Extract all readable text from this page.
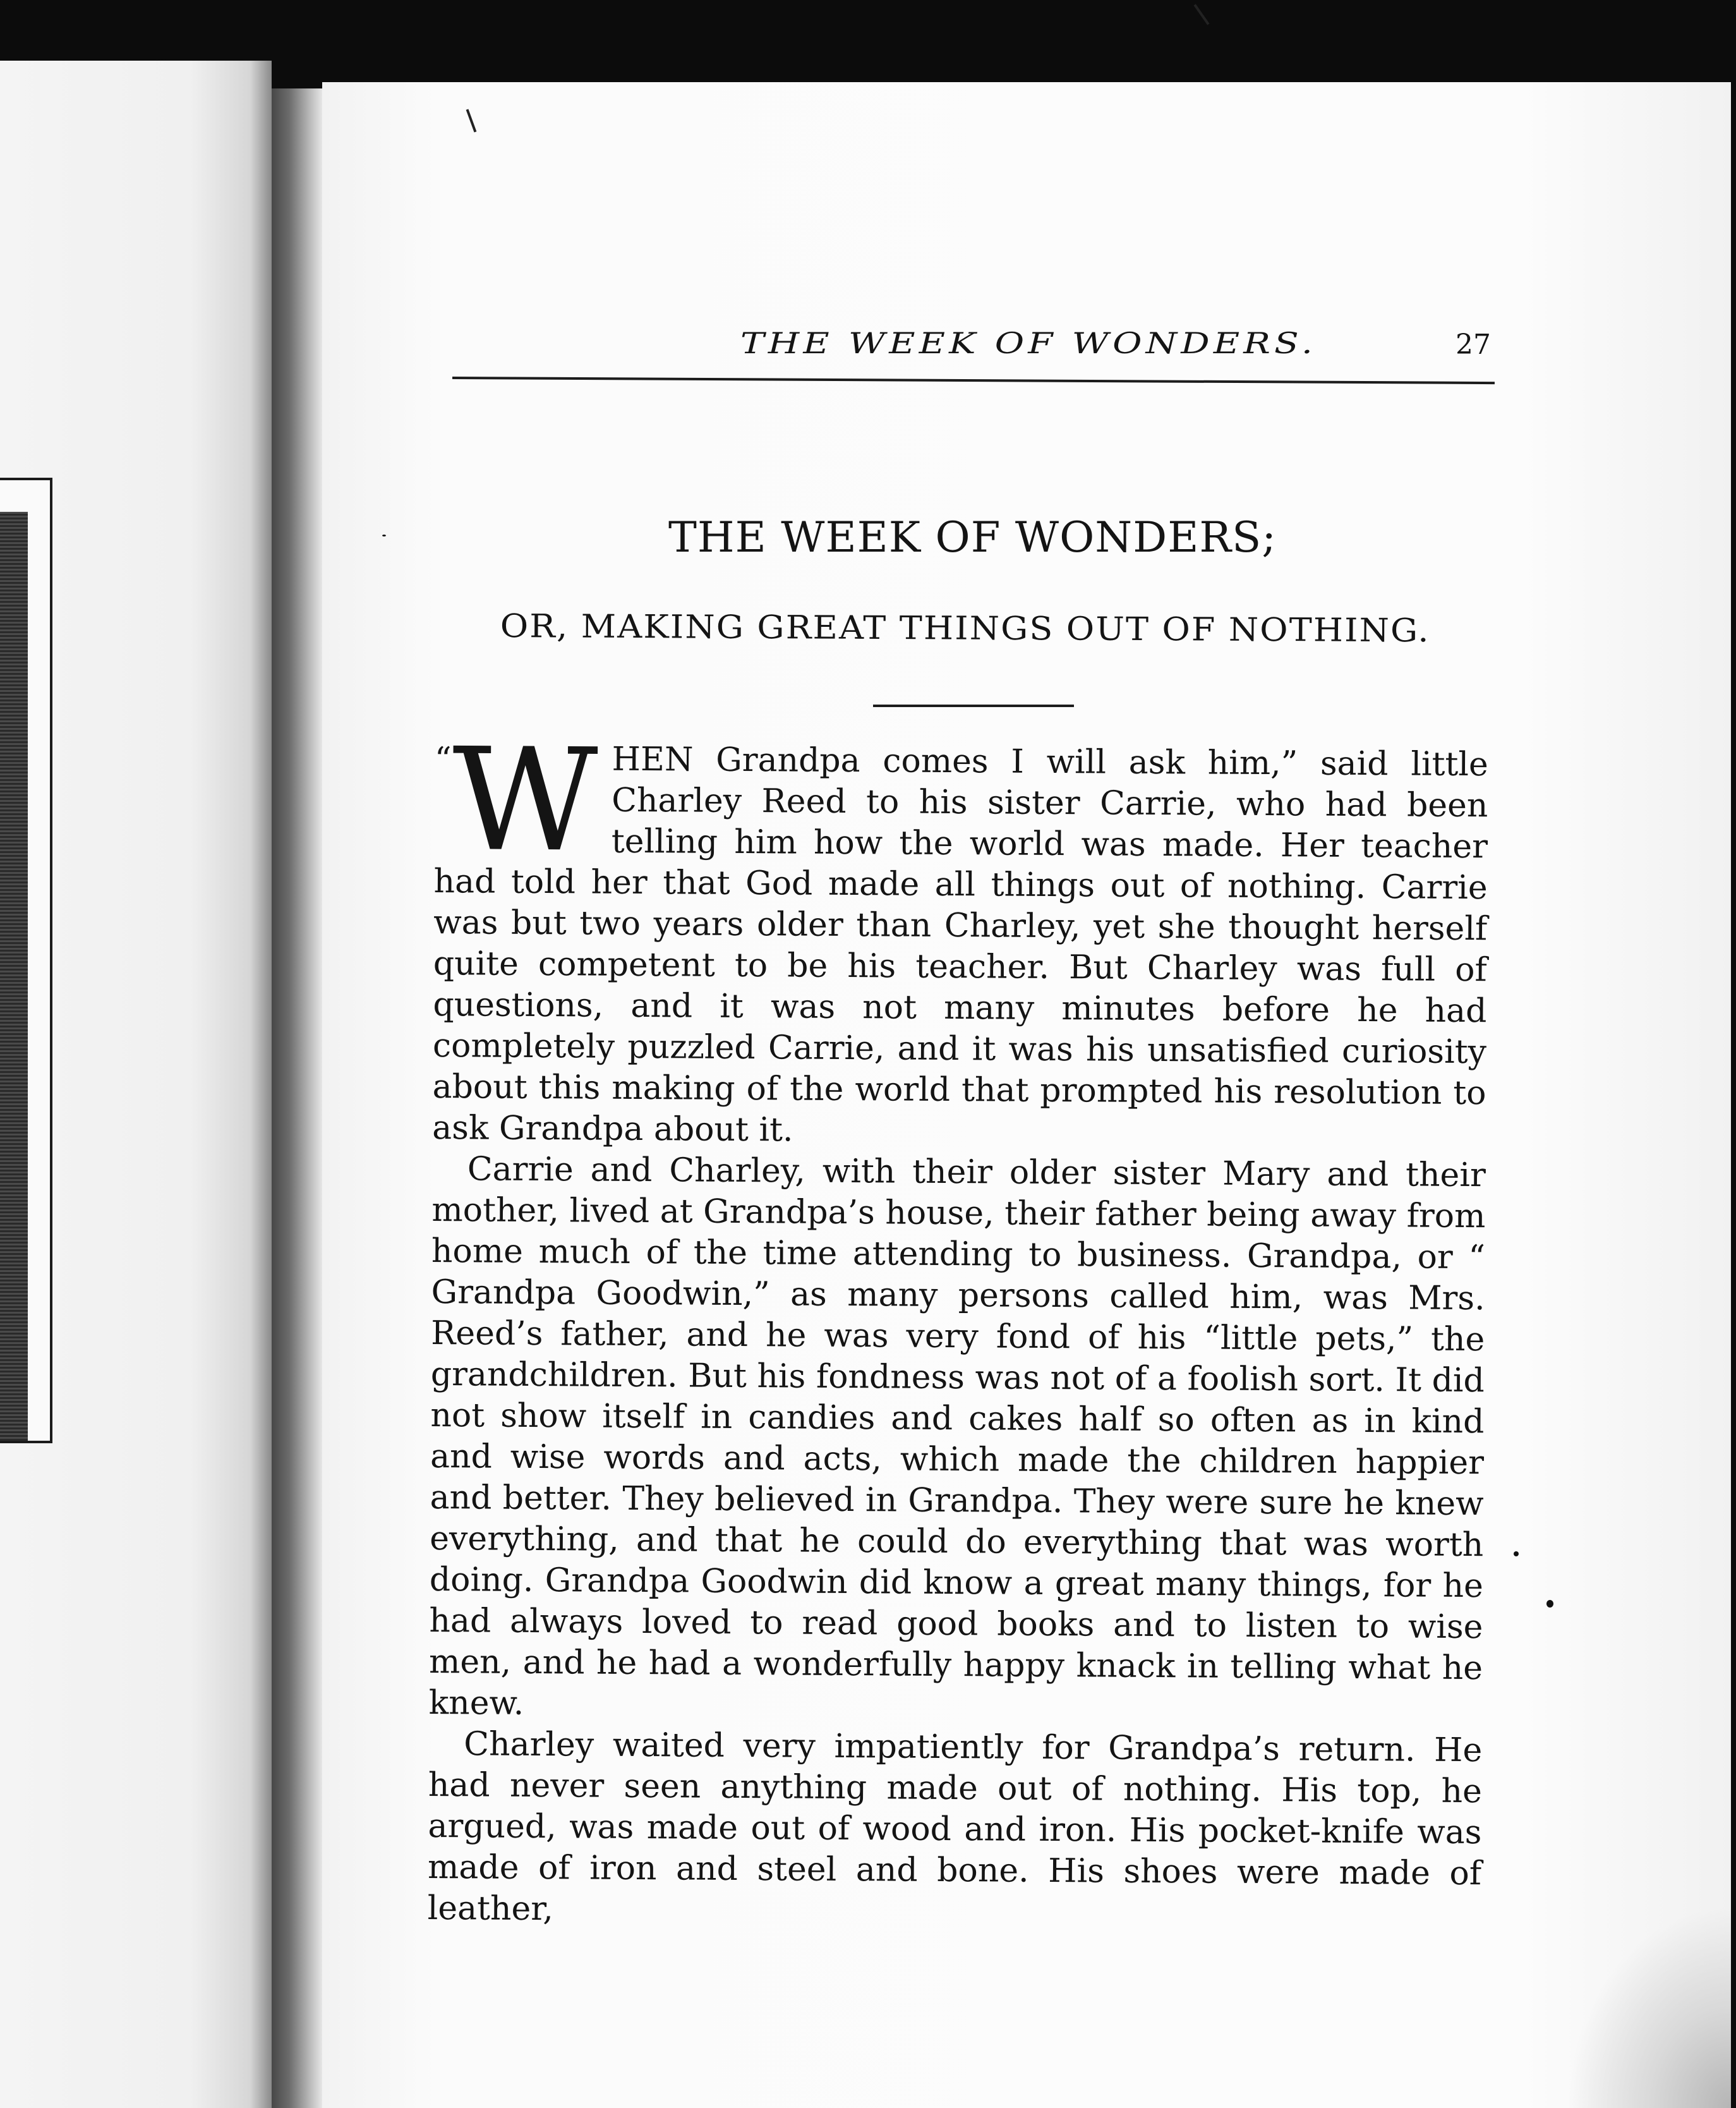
THE WEEK OF WONDERS.	27
THE WEEK OF WONDERS;
OR, MAKING GREAT THINGS OUT OF NOTHING.

“ W HEN Grandpa comes I will ask him,” said little Charley Reed to his sister Carrie, who had been telling him how the world was made. Her teacher had told her that God made all things out of nothing. Carrie was but two years older than Charley, yet she thought herself quite competent to be his teacher. But Charley was full of questions, and it was not many minutes before he had completely puzzled Carrie, and it was his unsatisfied curiosity about this making of the world that prompted his resolution to ask Grandpa about it.

Carrie and Charley, with their older sister Mary and their mother, lived at Grandpa’s house, their father being away from home much of the time attending to business. Grandpa, or “ Grandpa Goodwin,” as many persons called him, was Mrs. Reed’s father, and he was very fond of his “little pets,” the grandchildren. But his fondness was not of a foolish sort. It did not show itself in candies and cakes half so often as in kind and wise words and acts, which made the children happier and better. They believed in Grandpa. They were sure he knew everything, and that he could do everything that was worth doing. Grandpa Goodwin did know a great many things, for he had always loved to read good books and to listen to wise men, and he had a wonderfully happy knack in telling what he knew.

Charley waited very impatiently for Grandpa’s return. He had never seen anything made out of nothing. His top, he argued, was made out of wood and iron. His pocket-knife was made of iron and steel and bone. His shoes were made of leather,
